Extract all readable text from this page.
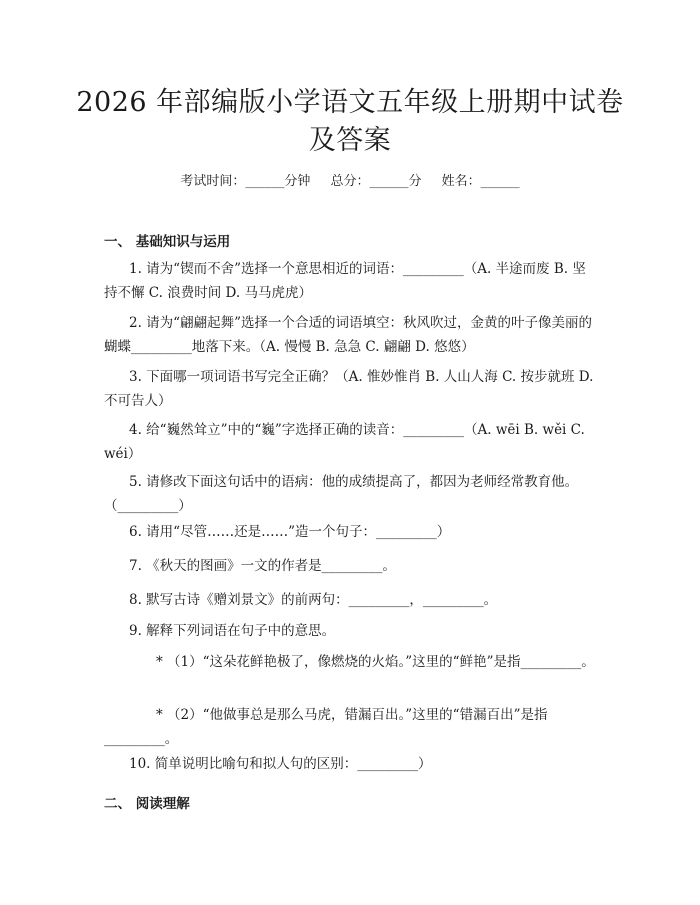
2026 年部编版小学语文五年级上册期中试卷
及答案
考试时间：______分钟 总分：______分 姓名：______
一、 基础知识与运用
1. 请为“锲而不舍”选择一个意思相近的词语：_________（A. 半途而废 B. 坚持不懈 C. 浪费时间 D. 马马虎虎）
2. 请为“翩翩起舞”选择一个合适的词语填空：秋风吹过，金黄的叶子像美丽的蝴蝶_________地落下来。（A. 慢慢 B. 急急 C. 翩翩 D. 悠悠）
3. 下面哪一项词语书写完全正确？（A. 惟妙惟肖 B. 人山人海 C. 按步就班 D. 不可告人）
4. 给“巍然耸立”中的“巍”字选择正确的读音：_________（A. wēi B. wěi C. wéi）
5. 请修改下面这句话中的语病：他的成绩提高了，都因为老师经常教育他。（_________）
6. 请用“尽管……还是……”造一个句子：_________）
7. 《秋天的图画》一文的作者是_________。
8. 默写古诗《赠刘景文》的前两句：_________，_________。
9. 解释下列词语在句子中的意思。
* （1）“这朵花鲜艳极了，像燃烧的火焰。”这里的“鲜艳”是指_________。
* （2）“他做事总是那么马虎，错漏百出。”这里的“错漏百出”是指_________。
10. 简单说明比喻句和拟人句的区别：_________）
二、 阅读理解
